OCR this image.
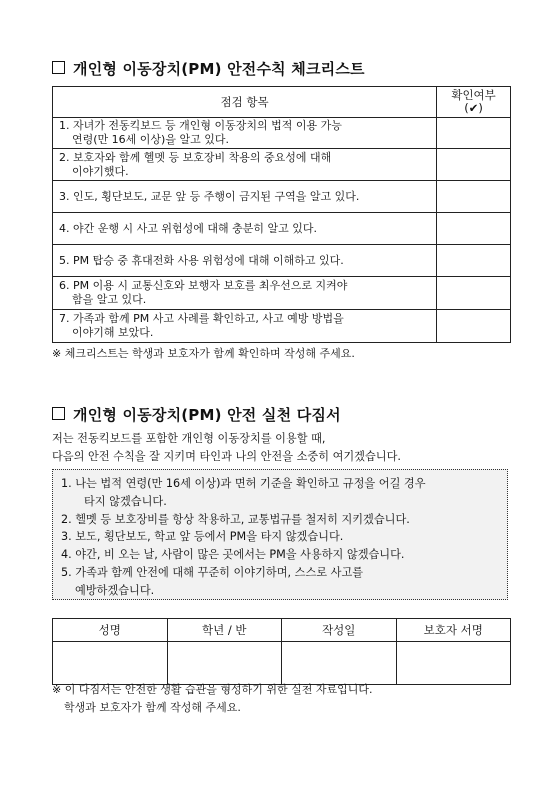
개인형 이동장치(PM) 안전수칙 체크리스트
점검 항목	확인여부
(✔)

1. 자녀가 전동킥보드 등 개인형 이동장치의 법적 이용 가능
연령(만 16세 이상)을 알고 있다.	

2. 보호자와 함께 헬멧 등 보호장비 착용의 중요성에 대해
이야기했다.	

3. 인도, 횡단보도, 교문 앞 등 주행이 금지된 구역을 알고 있다.	
4. 야간 운행 시 사고 위험성에 대해 충분히 알고 있다.	
5. PM 탑승 중 휴대전화 사용 위험성에 대해 이해하고 있다.	

6. PM 이용 시 교통신호와 보행자 보호를 최우선으로 지켜야
함을 알고 있다.	

7. 가족과 함께 PM 사고 사례를 확인하고, 사고 예방 방법을
이야기해 보았다.	

※ 체크리스트는 학생과 보호자가 함께 확인하며 작성해 주세요.
개인형 이동장치(PM) 안전 실천 다짐서
저는 전동킥보드를 포함한 개인형 이동장치를 이용할 때,
다음의 안전 수칙을 잘 지키며 타인과 나의 안전을 소중히 여기겠습니다.
1. 나는 법적 연령(만 16세 이상)과 면허 기준을 확인하고 규정을 어길 경우
타지 않겠습니다.
2. 헬멧 등 보호장비를 항상 착용하고, 교통법규를 철저히 지키겠습니다.
3. 보도, 횡단보도, 학교 앞 등에서 PM을 타지 않겠습니다.
4. 야간, 비 오는 날, 사람이 많은 곳에서는 PM을 사용하지 않겠습니다.
5. 가족과 함께 안전에 대해 꾸준히 이야기하며, 스스로 사고를
예방하겠습니다.
성명	학년 / 반	작성일	보호자 서명

※ 이 다짐서는 안전한 생활 습관을 형성하기 위한 실천 자료입니다.
학생과 보호자가 함께 작성해 주세요.
